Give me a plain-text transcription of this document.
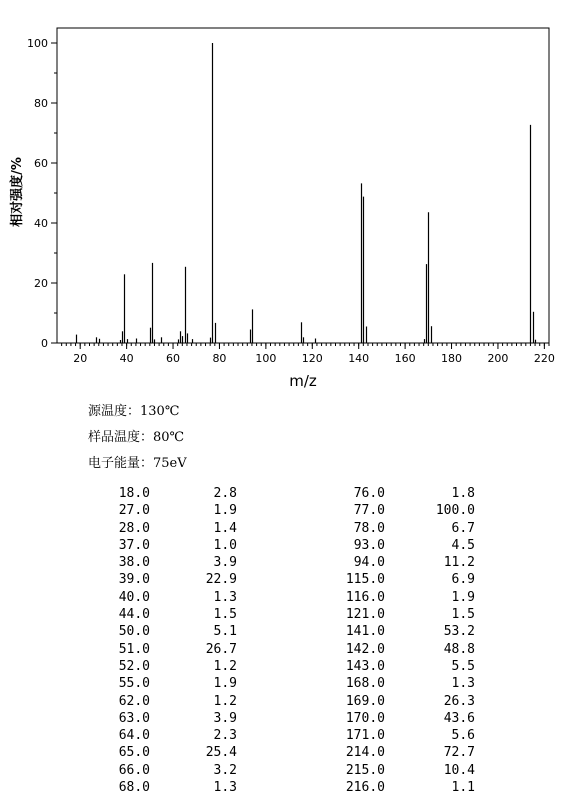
0
20
40
60
80
100
20	40	60	80	100 120 140 160 180 200 220
相对强度/%
m/z
源温度：130℃
样品温度：80℃
电子能量：75eV
18.0	2.8	76.0	1.8
27.0	1.9	77.0	100.0
28.0	1.4	78.0	6.7
37.0	1.0	93.0	4.5
38.0	3.9	94.0	11.2
39.0	22.9	115.0	6.9
40.0	1.3	116.0	1.9
44.0	1.5	121.0	1.5
50.0	5.1	141.0	53.2
51.0	26.7	142.0	48.8
52.0	1.2	143.0	5.5
55.0	1.9	168.0	1.3
62.0	1.2	169.0	26.3
63.0	3.9	170.0	43.6
64.0	2.3	171.0	5.6
65.0	25.4	214.0	72.7
66.0	3.2	215.0	10.4
68.0	1.3	216.0	1.1
